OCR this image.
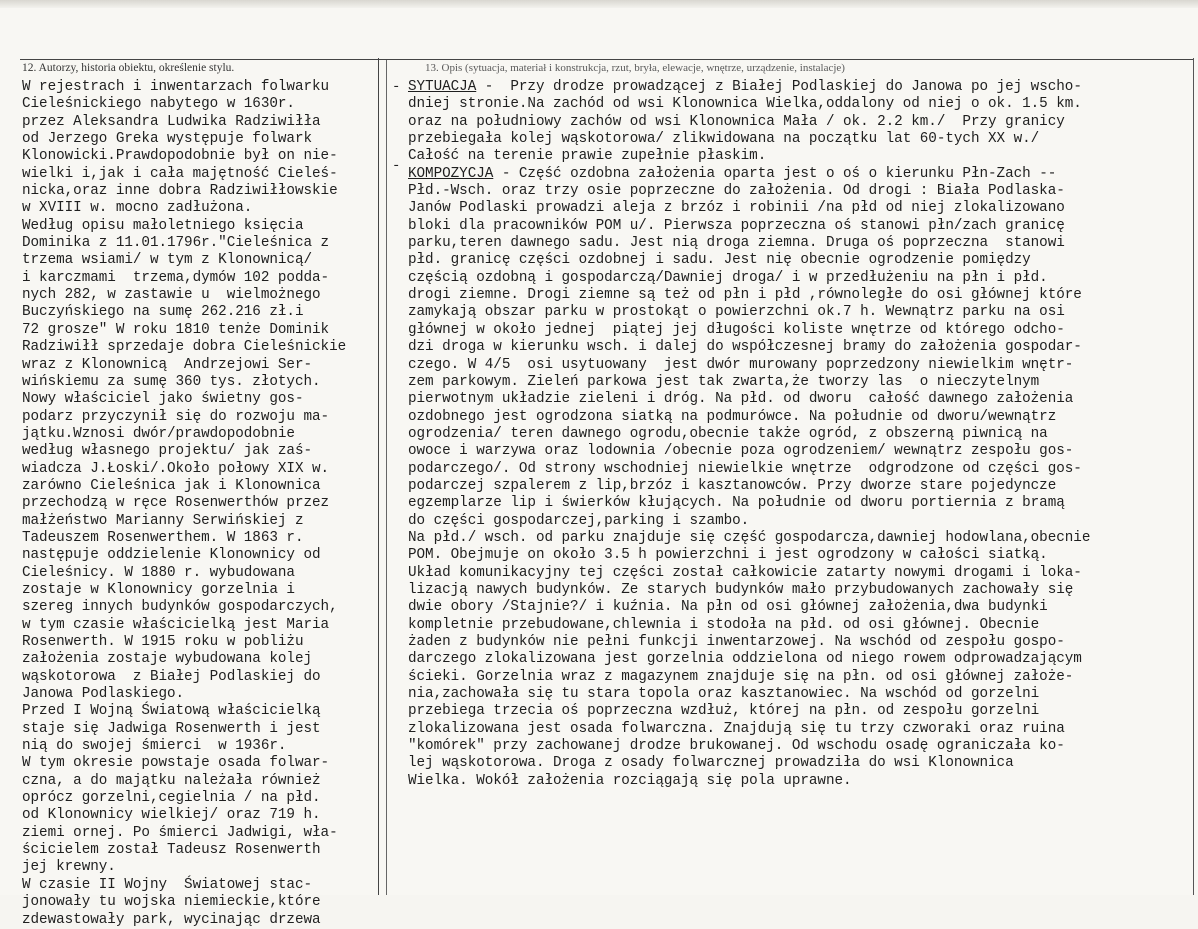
12. Autorzy, historia obiektu, określenie stylu.	13. Opis (sytuacja, materiał i konstrukcja, rzut, bryła, elewacje, wnętrze, urządzenie, instalacje)
-
-
W rejestrach i inwentarzach folwarku
Cieleśnickiego nabytego w 1630r.
przez Aleksandra Ludwika Radziwiłła
od Jerzego Greka występuje folwark
Klonowicki.Prawdopodobnie był on nie-
wielki i,jak i cała majętność Cieleś-
nicka,oraz inne dobra Radziwiłłowskie
w XVIII w. mocno zadłużona.
Według opisu małoletniego księcia
Dominika z 11.01.1796r."Cieleśnica z
trzema wsiami/ w tym z Klonownicą/
i karczmami  trzema,dymów 102 podda-
nych 282, w zastawie u  wielmożnego
Buczyńskiego na sumę 262.216 zł.i
72 grosze" W roku 1810 tenże Dominik
Radziwiłł sprzedaje dobra Cieleśnickie
wraz z Klonownicą  Andrzejowi Ser-
wińskiemu za sumę 360 tys. złotych.
Nowy właściciel jako świetny gos-
podarz przyczynił się do rozwoju ma-
jątku.Wznosi dwór/prawdopodobnie
według własnego projektu/ jak zaś-
wiadcza J.Łoski/.Około połowy XIX w.
zarówno Cieleśnica jak i Klonownica
przechodzą w ręce Rosenwerthów przez
małżeństwo Marianny Serwińskiej z
Tadeuszem Rosenwerthem. W 1863 r.
następuje oddzielenie Klonownicy od
Cieleśnicy. W 1880 r. wybudowana
zostaje w Klonownicy gorzelnia i
szereg innych budynków gospodarczych,
w tym czasie właścicielką jest Maria
Rosenwerth. W 1915 roku w pobliżu
założenia zostaje wybudowana kolej
wąskotorowa  z Białej Podlaskiej do
Janowa Podlaskiego.
Przed I Wojną Światową właścicielką
staje się Jadwiga Rosenwerth i jest
nią do swojej śmierci  w 1936r.
W tym okresie powstaje osada folwar-
czna, a do majątku należała również
oprócz gorzelni,cegielnia / na płd.
od Klonownicy wielkiej/ oraz 719 h.
ziemi ornej. Po śmierci Jadwigi, wła-
ścicielem został Tadeusz Rosenwerth
jej krewny.
W czasie II Wojny  Światowej stac-
jonowały tu wojska niemieckie,które
zdewastowały park, wycinając drzewa
SYTUACJA -  Przy drodze prowadzącej z Białej Podlaskiej do Janowa po jej wscho-
dniej stronie.Na zachód od wsi Klonownica Wielka,oddalony od niej o ok. 1.5 km.
oraz na południowy zachów od wsi Klonownica Mała / ok. 2.2 km./  Przy granicy
przebiegała kolej wąskotorowa/ zlikwidowana na początku lat 60-tych XX w./
Całość na terenie prawie zupełnie płaskim.
KOMPOZYCJA - Część ozdobna założenia oparta jest o oś o kierunku Płn-Zach --
Płd.-Wsch. oraz trzy osie poprzeczne do założenia. Od drogi : Biała Podlaska-
Janów Podlaski prowadzi aleja z brzóz i robinii /na płd od niej zlokalizowano
bloki dla pracowników POM u/. Pierwsza poprzeczna oś stanowi płn/zach granicę
parku,teren dawnego sadu. Jest nią droga ziemna. Druga oś poprzeczna  stanowi
płd. granicę części ozdobnej i sadu. Jest nię obecnie ogrodzenie pomiędzy
częścią ozdobną i gospodarczą/Dawniej droga/ i w przedłużeniu na płn i płd.
drogi ziemne. Drogi ziemne są też od płn i płd ,równoległe do osi głównej które
zamykają obszar parku w prostokąt o powierzchni ok.7 h. Wewnątrz parku na osi
głównej w około jednej  piątej jej długości koliste wnętrze od którego odcho-
dzi droga w kierunku wsch. i dalej do współczesnej bramy do założenia gospodar-
czego. W 4/5  osi usytuowany  jest dwór murowany poprzedzony niewielkim wnętr-
zem parkowym. Zieleń parkowa jest tak zwarta,że tworzy las  o nieczytelnym
pierwotnym układzie zieleni i dróg. Na płd. od dworu  całość dawnego założenia
ozdobnego jest ogrodzona siatką na podmurówce. Na południe od dworu/wewnątrz
ogrodzenia/ teren dawnego ogrodu,obecnie także ogród, z obszerną piwnicą na
owoce i warzywa oraz lodownia /obecnie poza ogrodzeniem/ wewnątrz zespołu gos-
podarczego/. Od strony wschodniej niewielkie wnętrze  odgrodzone od części gos-
podarczej szpalerem z lip,brzóz i kasztanowców. Przy dworze stare pojedyncze
egzemplarze lip i świerków kłujących. Na południe od dworu portiernia z bramą
do części gospodarczej,parking i szambo.
Na płd./ wsch. od parku znajduje się część gospodarcza,dawniej hodowlana,obecnie
POM. Obejmuje on około 3.5 h powierzchni i jest ogrodzony w całości siatką.
Układ komunikacyjny tej części został całkowicie zatarty nowymi drogami i loka-
lizacją nawych budynków. Ze starych budynków mało przybudowanych zachowały się
dwie obory /Stajnie?/ i kuźnia. Na płn od osi głównej założenia,dwa budynki
kompletnie przebudowane,chlewnia i stodoła na płd. od osi głównej. Obecnie
żaden z budynków nie pełni funkcji inwentarzowej. Na wschód od zespołu gospo-
darczego zlokalizowana jest gorzelnia oddzielona od niego rowem odprowadzającym
ścieki. Gorzelnia wraz z magazynem znajduje się na płn. od osi głównej założe-
nia,zachowała się tu stara topola oraz kasztanowiec. Na wschód od gorzelni
przebiega trzecia oś poprzeczna wzdłuż, której na płn. od zespołu gorzelni
zlokalizowana jest osada folwarczna. Znajdują się tu trzy czworaki oraz ruina
"komórek" przy zachowanej drodze brukowanej. Od wschodu osadę ograniczała ko-
lej wąskotorowa. Droga z osady folwarcznej prowadziła do wsi Klonownica
Wielka. Wokół założenia rozciągają się pola uprawne.
